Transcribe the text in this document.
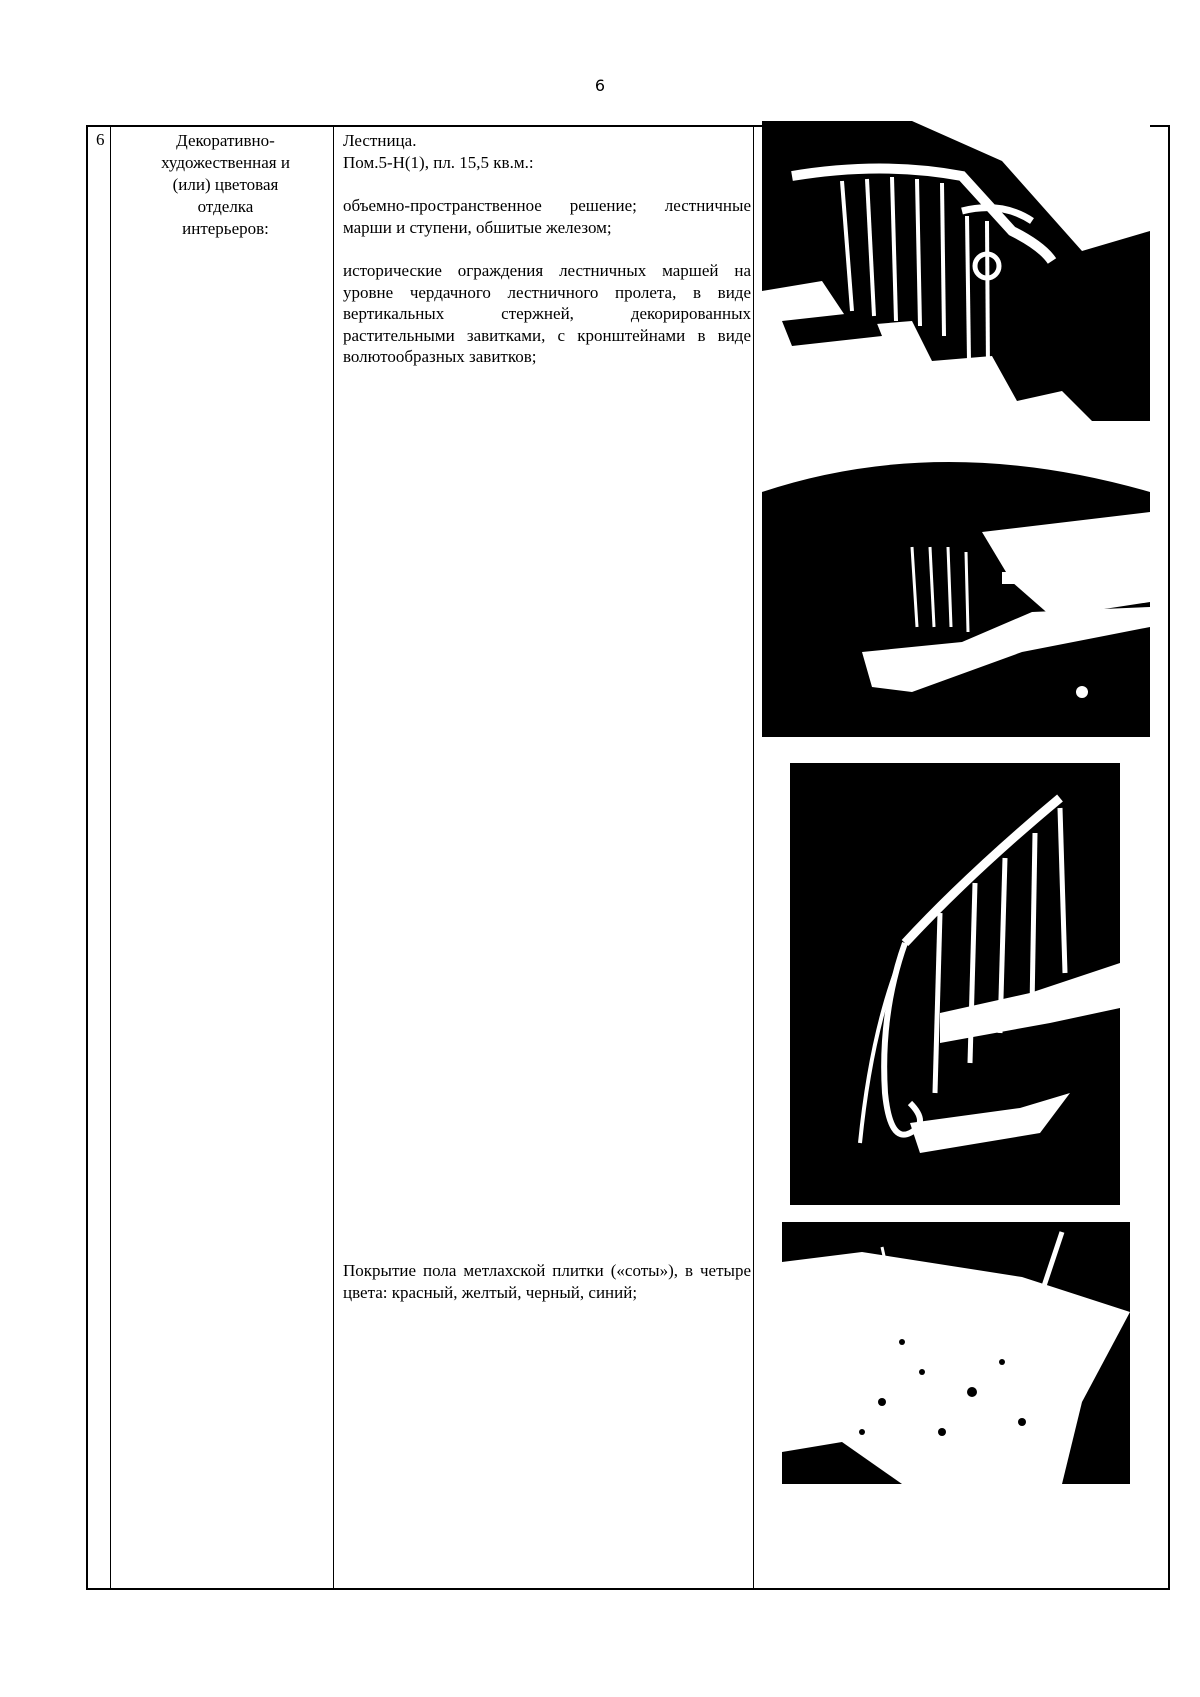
6
6	Декоративно-
художественная и
(или) цветовая
отделка
интерьеров:
Лестница.
Пом.5-Н(1), пл. 15,5 кв.м.:

объемно-пространственное решение; лестничные марши и ступени, обшитые железом;

исторические ограждения лестничных маршей на уровне чердачного лестничного пролета, в виде вертикальных стержней, декорированных растительными завитками, с кронштейнами в виде волютообразных завитков;

Покрытие пола метлахской плитки («соты»), в четыре цвета: красный, желтый, черный, синий;
